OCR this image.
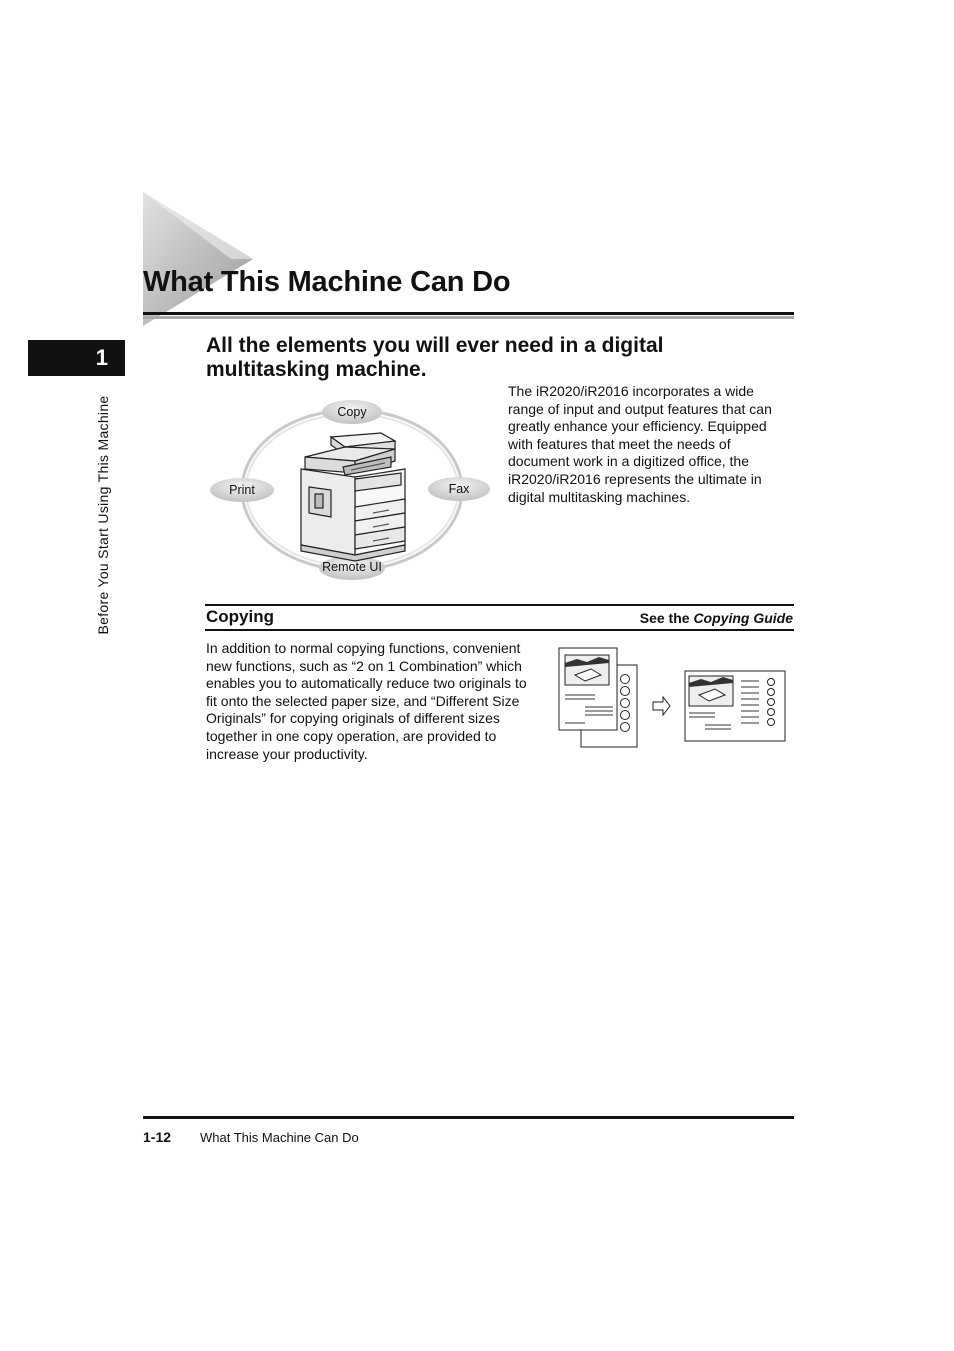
What This Machine Can Do
1
Before You Start Using This Machine
All the elements you will ever need in a digital multitasking machine.
The iR2020/iR2016 incorporates a wide range of input and output features that can greatly enhance your efficiency. Equipped with features that meet the needs of document work in a digitized office, the iR2020/iR2016 represents the ultimate in digital multitasking machines.
Copy
Print	Fax
Remote UI
Copying	See the Copying Guide
In addition to normal copying functions, convenient new functions, such as “2 on 1 Combination” which enables you to automatically reduce two originals to fit onto the selected paper size, and “Different Size Originals” for copying originals of different sizes together in one copy operation, are provided to increase your productivity.
1-12 What This Machine Can Do
